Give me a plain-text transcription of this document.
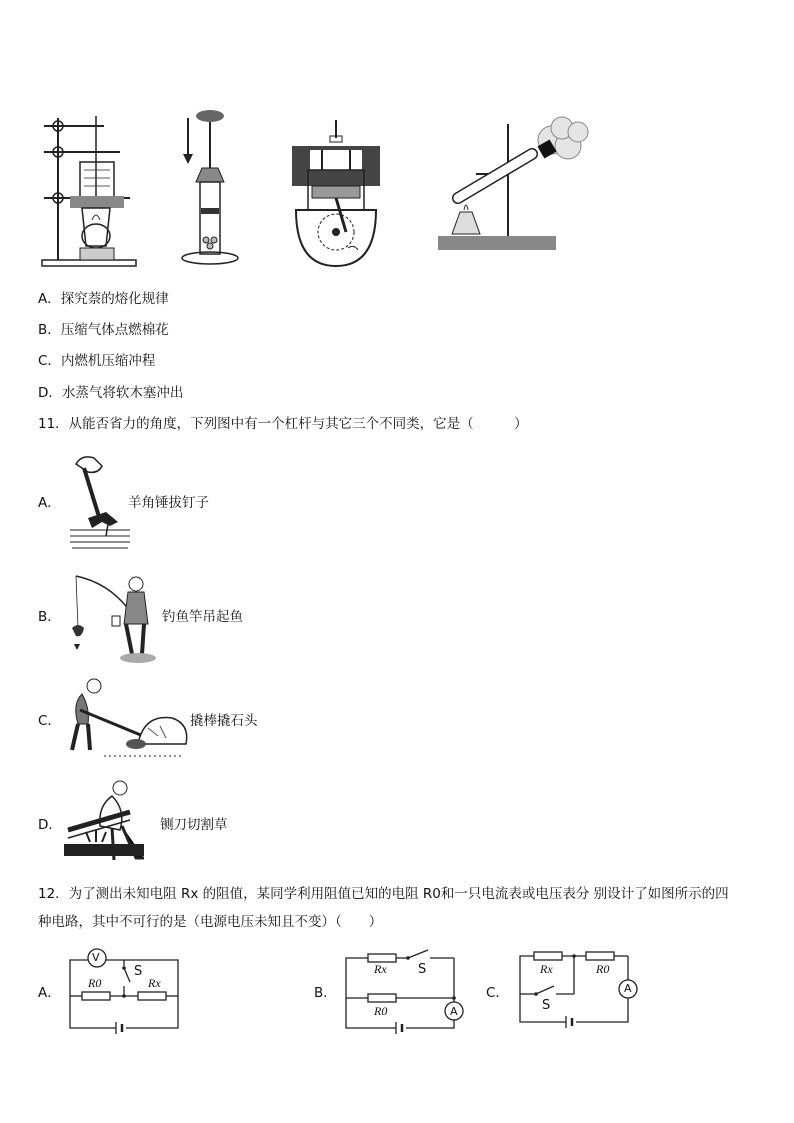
A．探究萘的熔化规律
B．压缩气体点燃棉花
C．内燃机压缩冲程
D．水蒸气将软木塞冲出
11．从能否省力的角度，下列图中有一个杠杆与其它三个不同类，它是（　　　）
A．	羊角锤拔钉子
B．	钓鱼竿吊起鱼
C．	撬棒撬石头
D．	铡刀切割草
12．为了测出未知电阻 Rx 的阻值，某同学利用阻值已知的电阻 R0和一只电流表或电压表分 别设计了如图所示的四
种电路，其中不可行的是（电源电压未知且不变）（　　）
A．
V
S
R0	Rx
B．
Rx S
R0	A
C．
Rx	R0
S
A
